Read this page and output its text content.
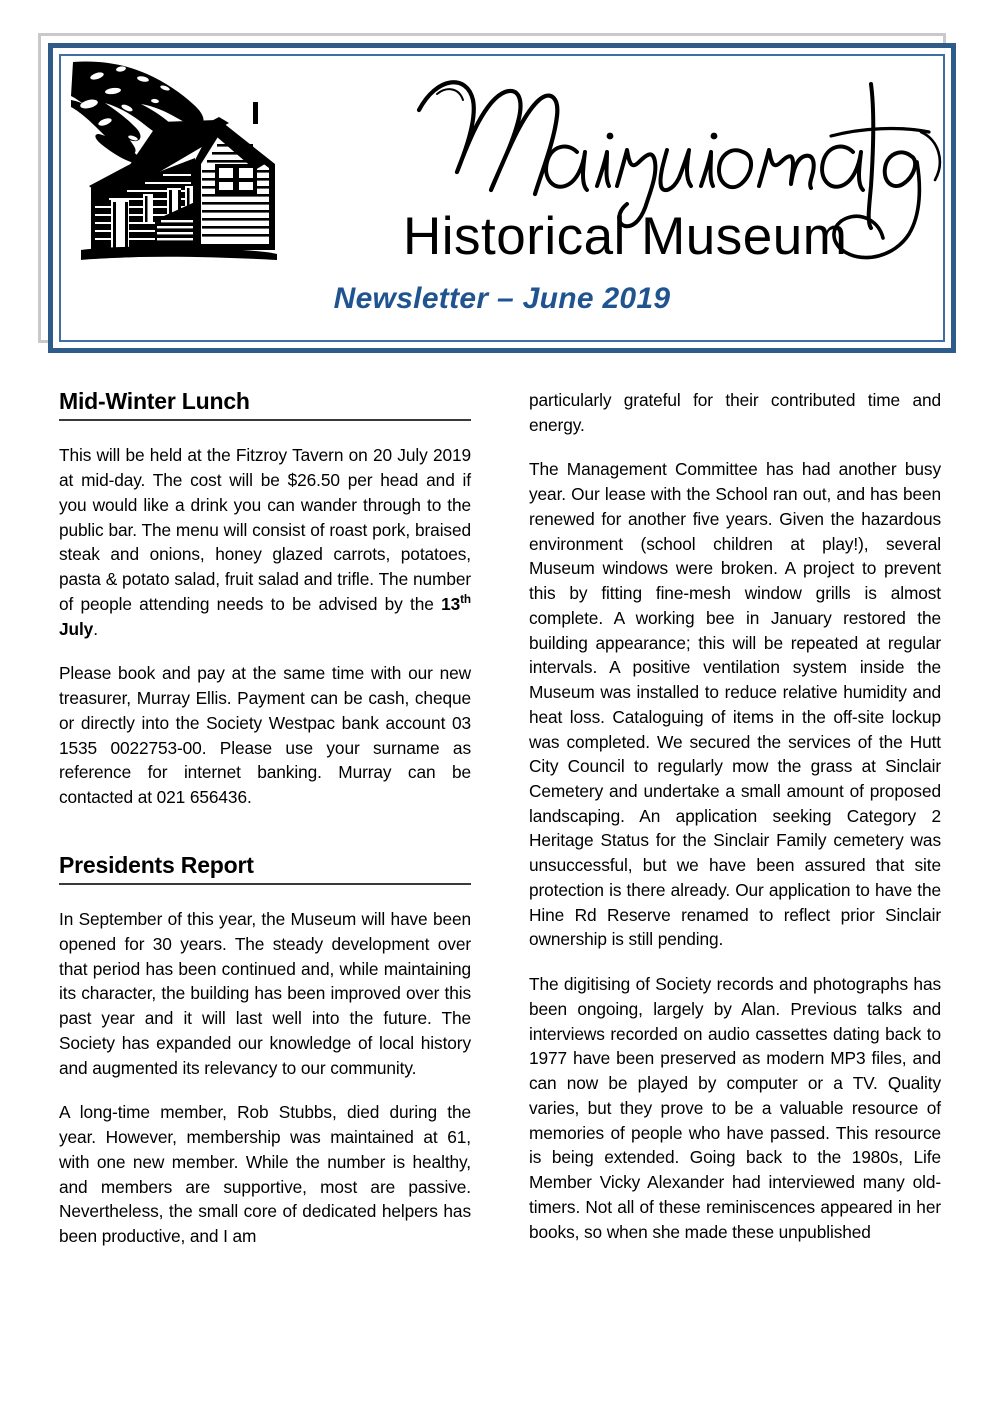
Historical Museum
Newsletter – June 2019
Mid-Winter Lunch

This will be held at the Fitzroy Tavern on 20 July 2019 at mid-day. The cost will be $26.50 per head and if you would like a drink you can wander through to the public bar. The menu will consist of roast pork, braised steak and onions, honey glazed carrots, potatoes, pasta & potato salad, fruit salad and trifle. The number of people attending needs to be advised by the 13th July.

Please book and pay at the same time with our new treasurer, Murray Ellis. Payment can be cash, cheque or directly into the Society Westpac bank account 03 1535 0022753-00. Please use your surname as reference for internet banking. Murray can be contacted at 021 656436.

Presidents Report

In September of this year, the Museum will have been opened for 30 years. The steady development over that period has been continued and, while maintaining its character, the building has been improved over this past year and it will last well into the future. The Society has expanded our knowledge of local history and augmented its relevancy to our community.

A long-time member, Rob Stubbs, died during the year. However, membership was maintained at 61, with one new member. While the number is healthy, and members are supportive, most are passive. Nevertheless, the small core of dedicated helpers has been productive, and I am

particularly grateful for their contributed time and energy.

The Management Committee has had another busy year. Our lease with the School ran out, and has been renewed for another five years. Given the hazardous environment (school children at play!), several Museum windows were broken. A project to prevent this by fitting fine-mesh window grills is almost complete. A working bee in January restored the building appearance; this will be repeated at regular intervals. A positive ventilation system inside the Museum was installed to reduce relative humidity and heat loss. Cataloguing of items in the off-site lockup was completed. We secured the services of the Hutt City Council to regularly mow the grass at Sinclair Cemetery and undertake a small amount of proposed landscaping. An application seeking Category 2 Heritage Status for the Sinclair Family cemetery was unsuccessful, but we have been assured that site protection is there already. Our application to have the Hine Rd Reserve renamed to reflect prior Sinclair ownership is still pending.

The digitising of Society records and photographs has been ongoing, largely by Alan. Previous talks and interviews recorded on audio cassettes dating back to 1977 have been preserved as modern MP3 files, and can now be played by computer or a TV. Quality varies, but they prove to be a valuable resource of memories of people who have passed. This resource is being extended. Going back to the 1980s, Life Member Vicky Alexander had interviewed many old-timers. Not all of these reminiscences appeared in her books, so when she made these unpublished
